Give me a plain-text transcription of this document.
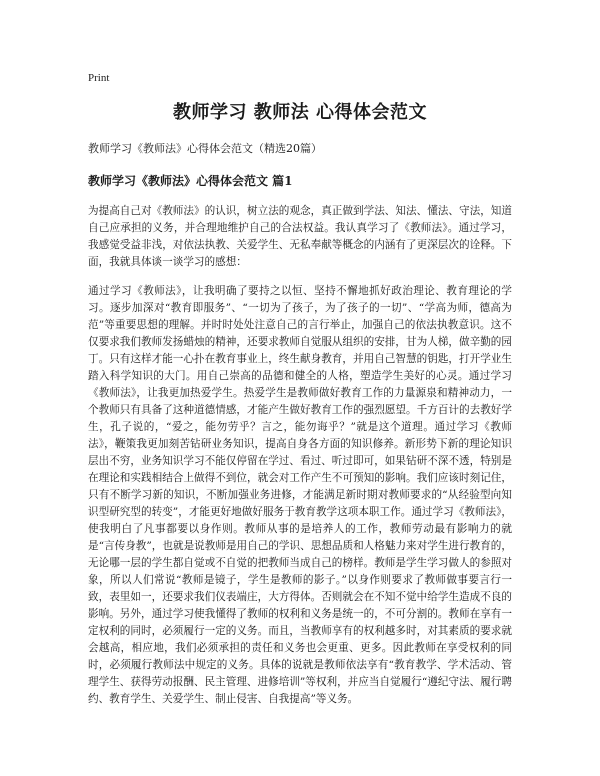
Print
教师学习 教师法 心得体会范文

教师学习《教师法》心得体会范文（精选20篇）

教师学习《教师法》心得体会范文 篇1

为提高自己对《教师法》的认识，树立法的观念，真正做到学法、知法、懂法、守法，知道自己应承担的义务，并合理地维护自己的合法权益。我认真学习了《教师法》。通过学习，我感觉受益非浅，对依法执教、关爱学生、无私奉献等概念的内涵有了更深层次的诠释。下面，我就具体谈一谈学习的感想：

通过学习《教师法》，让我明确了要持之以恒、坚持不懈地抓好政治理论、教育理论的学习。逐步加深对“教育即服务”、“一切为了孩子，为了孩子的一切”、“学高为师，德高为范”等重要思想的理解。并时时处处注意自己的言行举止，加强自己的依法执教意识。这不仅要求我们教师发扬蜡烛的精神，还要求教师自觉服从组织的安排，甘为人梯，做辛勤的园丁。只有这样才能一心扑在教育事业上，终生献身教育，并用自己智慧的钥匙，打开学业生踏入科学知识的大门。用自己崇高的品德和健全的人格，塑造学生美好的心灵。通过学习《教师法》，让我更加热爱学生。热爱学生是教师做好教育工作的力量源泉和精神动力，一个教师只有具备了这种道德情感，才能产生做好教育工作的强烈愿望。千方百计的去教好学生，孔子说的，“爱之，能勿劳乎？言之，能勿诲乎？”就是这个道理。通过学习《教师法》，鞭策我更加刻苦钻研业务知识，提高自身各方面的知识修养。新形势下新的理论知识层出不穷，业务知识学习不能仅停留在学过、看过、听过即可，如果钻研不深不透，特别是在理论和实践相结合上做得不到位，就会对工作产生不可预知的影响。我们应该时刻记住，只有不断学习新的知识，不断加强业务进修，才能满足新时期对教师要求的“从经验型向知识型研究型的转变”，才能更好地做好服务于教育教学这项本职工作。通过学习《教师法》，使我明白了凡事都要以身作则。教师从事的是培养人的工作，教师劳动最有影响力的就是“言传身教”，也就是说教师是用自己的学识、思想品质和人格魅力来对学生进行教育的，无论哪一层的学生都自觉或不自觉的把教师当成自己的榜样。教师是学生学习做人的参照对象，所以人们常说“教师是镜子，学生是教师的影子。”以身作则要求了教师做事要言行一致，表里如一，还要求我们仪表端庄，大方得体。否则就会在不知不觉中给学生造成不良的影响。另外，通过学习使我懂得了教师的权利和义务是统一的，不可分割的。教师在享有一定权利的同时，必须履行一定的义务。而且，当教师享有的权利越多时，对其素质的要求就会越高，相应地，我们必须承担的责任和义务也会更重、更多。因此教师在享受权利的同时，必须履行教师法中规定的义务。具体的说就是教师依法享有“教育教学、学术活动、管理学生、获得劳动报酬、民主管理、进修培训”等权利，并应当自觉履行“遵纪守法、履行聘约、教育学生、关爱学生、制止侵害、自我提高”等义务。
